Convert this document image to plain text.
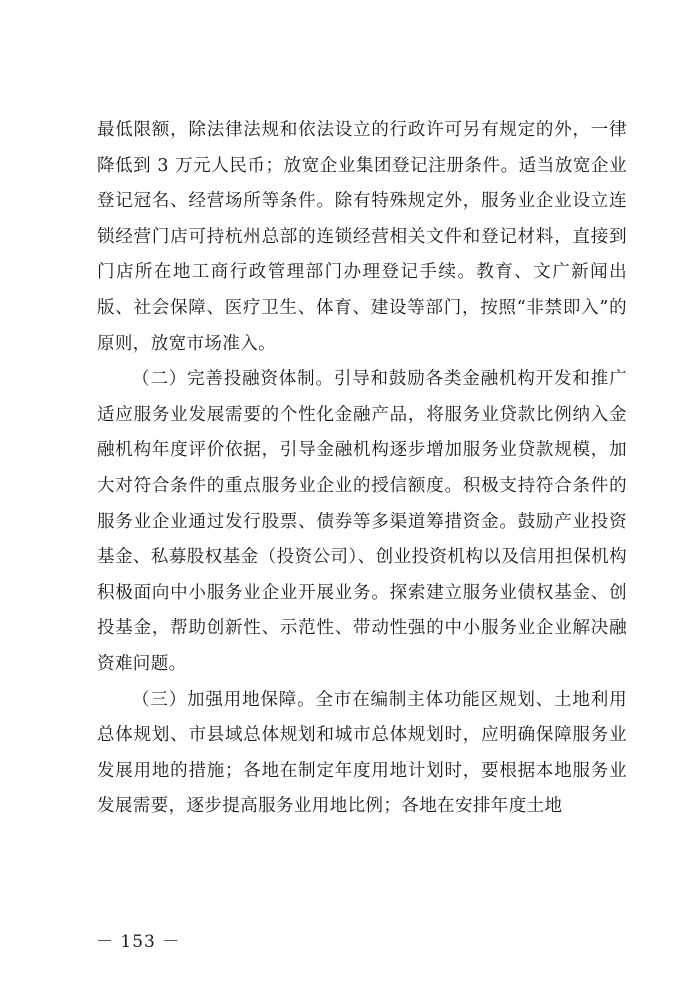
最低限额，除法律法规和依法设立的行政许可另有规定的外，一律降低到 3 万元人民币；放宽企业集团登记注册条件。适当放宽企业登记冠名、经营场所等条件。除有特殊规定外，服务业企业设立连锁经营门店可持杭州总部的连锁经营相关文件和登记材料，直接到门店所在地工商行政管理部门办理登记手续。教育、文广新闻出版、社会保障、医疗卫生、体育、建设等部门，按照“非禁即入”的原则，放宽市场准入。

（二）完善投融资体制。引导和鼓励各类金融机构开发和推广适应服务业发展需要的个性化金融产品，将服务业贷款比例纳入金融机构年度评价依据，引导金融机构逐步增加服务业贷款规模，加大对符合条件的重点服务业企业的授信额度。积极支持符合条件的服务业企业通过发行股票、债券等多渠道筹措资金。鼓励产业投资基金、私募股权基金（投资公司）、创业投资机构以及信用担保机构积极面向中小服务业企业开展业务。探索建立服务业债权基金、创投基金，帮助创新性、示范性、带动性强的中小服务业企业解决融资难问题。

（三）加强用地保障。全市在编制主体功能区规划、土地利用总体规划、市县域总体规划和城市总体规划时，应明确保障服务业发展用地的措施；各地在制定年度用地计划时，要根据本地服务业发展需要，逐步提高服务业用地比例；各地在安排年度土地

－ 153 －
